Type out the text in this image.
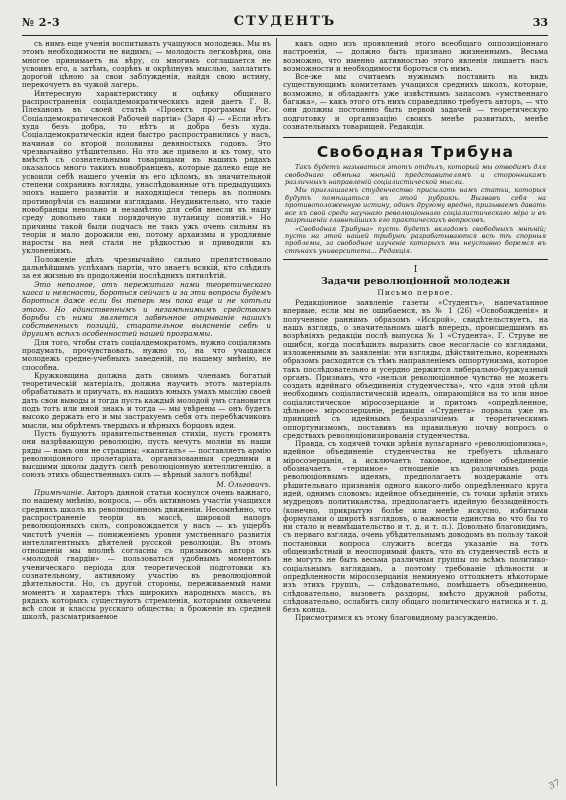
№ 2-3	СТУДЕНТЪ	33

съ нимъ еще ученія воспитывать учащуюся молодежь. Мы въ этомъ необходимости не видимъ; — молодость легковѣрна, она многое принимаетъ на вѣру, со многимъ соглашается не усвоивъ его, а затѣмъ, созрѣвъ и окрѣпнувъ мыслью, заплатитъ дорогой цѣною за свои заблужденія, найдя свою истину, перекочуетъ въ чужой лагерь.

Интересную характеристику и оцѣнку общинаго распространенія соціалдемократическихъ идей даетъ Г. В. Плехановъ въ своей статьѣ «Проектъ программы Рос. Соціалдемократической Рабочей партіи» (Заря 4) — «Если нѣтъ худа безъ добра, то нѣтъ и добра безъ худа. Соціалдемократическія идеи быстро распространились у насъ, начиная со второй половины девяностыхъ годовъ. Это чрезвычайно утѣшительно. Но это же привело и къ тому, что вмѣстѣ съ сознательными товарищами въ нашихъ рядахъ оказалось много такихъ новобранцевъ, которые далеко еще не усвоили себѣ нашего ученія въ его цѣломъ, въ значительной степени сохранивъ взгляды, унаслѣдованные отъ предыдущихъ эпохъ нашего развитія и находящіеся теперь въ полномъ противорѣчіи съ нашими взглядами. Неудивительно, что такіе новобранцы невольно и незамѣтно для себя внесли въ нашу среду довольно таки порядочную путаницу понятій.» Но причины такой были подчасъ не такъ ужъ очень сильны въ теоріи и мало дорожили ею, потому архаизмы и уродливые наросты на ней стали не рѣдкостью и приводили къ уклоненіямъ.

Положеніе дѣлъ чрезвычайно сильно препятствовало дальнѣйшимъ успѣхамъ партіи, что знаетъ всякій, кто слѣдилъ за ея жизнью въ продолженіи послѣднихъ пятилѣтій.

Это неполное, отъ пережитаго нами теоретическаго хаоса и неясности, бороться сейчасъ и за эти вопросы будемъ бороться даже если бы теперь мы пока еще и не хотѣли этого. Но единственнымъ и незамѣнимымъ средствомъ борьбы съ ними является забвѣнное отрываніе нашихъ собственныхъ позицій, старательное выясненіе себѣ и другимъ всѣхъ особенностей нашей программы.

Для того, чтобы стать соціалдемократомъ, нужно соціализмъ продумать, прочувствовать, нужно то, на что учащаяся молодежь средне-учебныхъ заведеній, по нашему мнѣнію, не способна.

Кружковщина должна дать своимъ членамъ богатый теоретическій матеріалъ, должна научить этотъ матеріалъ обрабатывать и приучать, въ нашихъ юныхъ умахъ мыслію своей дать свои выводы и тогда пусть каждый молодой умъ становится подъ тотъ или иной знакъ и тогда — мы увѣрены — онъ будетъ высоко держать его и мы застрахуемъ себя отъ перебѣжчиковъ мысли, мы обрѣтемъ твердыхъ и вѣрныхъ борцовъ идеи.

Пусть бушуютъ правительственныя стихіи, пусть громятъ они назрѣвающую революцію, пусть мечутъ молніи въ наши ряды — намъ они не страшны: «капиталъ» — поставляетъ армію революціонного пролетаріата, организованныя средними и высшими школы дадутъ силѣ революціонную интеллигенцію, а союзъ этихъ общественныхъ силъ — вѣрный залогъ побѣды!

М. Ольговичъ.

Примѣчаніе. Авторъ данной статьи коснулся очень важнаго, по нашему мнѣнію, вопроса, — объ активномъ участіи учащихся среднихъ школъ въ революціонномъ движеніи. Несомнѣнно, что распространеніе теоріи въ массѣ, широкой напоръ революціонныхъ силъ, сопровождается у насъ — къ ущербъ чистотѣ ученія — пониженіемъ уровня умственнаго развитія интеллигентныхъ дѣятелей русской революціи. Въ этомъ отношеніи мы вполнѣ согласны съ призывомъ автора къ «молодой гвардіи» — пользоваться удобнымъ моментомъ ученическаго періода для теоретической подготовки къ сознательному, активному участію въ революціонной дѣятельности. Но, съ другой стороны, переживаемый нами моментъ и характеръ тѣхъ широкихъ народныхъ массъ, въ рядахъ которыхъ существуютъ стремленія, которыми охвачены всѣ слои и классы русскаго общества; а броженіе въ средней школѣ, разсматриваемое

какъ одно изъ проявлений этого всеобщаго оппозиціоннаго настроенія, — должно быть признано жизненнымъ. Весьма возможно, что именно активностью этого явленія лишаетъ насъ возможности и необходимости бороться съ нимъ.

Все-же мы считаемъ нужнымъ поставить на видъ существующимъ комитетамъ учащихся среднихъ школъ, которые, возможно, и обладаютъ уже извѣстнымъ запасомъ «умственнаго багажа», — какъ этого отъ нихъ справедливо требуетъ авторъ, — что они должны постоянно быть первой задачей — теоретическую подготовку и организацію своихъ менѣе развитыхъ, менѣе сознательныхъ товарищей. Редакція.

Свободная Трибуна

Такъ будетъ называться этотъ отдѣлъ, который мы отводимъ для свободнаго обмѣна мнѣній представителямъ и сторонникамъ различныхъ направленій соціалистической мысли.

Мы приглашаемъ студенчество присылать намъ статьи, которыя будутъ помѣщаться въ этой рубрикѣ. Вызвавъ себя на противоположенную истину, одинъ другому вредно, призываемъ давать все къ свой среди научнаго революціоннаго соціалистическаго міра и въ разрѣшеніи главнѣйшихъ его практическихъ вопросовъ.

«Свободная Трибуна» пусть будетъ вкладомъ свободныхъ мнѣній; пусть на этой нашей трибунѣ разрабатываются всѣ тѣ спорныя проблемы, за свободное изученіе которыхъ мы неуставно боремся въ стѣнахъ университета... Редакція.

I

Задачи революціонной молодежи

Письмо первое.

Редакціонное заявленіе газеты «Студентъ», напечатанное впервые, если мы не ошибаемся, въ № 1 (26) «Освобожденія» и полученное раннимъ образомъ «Искрой», свидѣтельствуетъ, на нашъ взглядъ, о значительномъ шагѣ впередъ, происшедшимъ въ возрѣніяхъ редакціи послѣ выпуска № 1 «Студента». Г. Струве не ошибся, когда поспѣшилъ выразить свое несогласіе со взглядами, изложенными въ заявленіи: эти взгляды, дѣйствительно, коренныхъ образомъ расходятся съ тѣмъ направленіемъ оппортунизма, которое такъ послѣдовательно и усердно держится либерально-буржуазный органъ. Признавъ, что «нельзя революціонное чувство не можетъ создать идейнаго объединенія студенчества», что «для этой цѣли необходимъ соціалистическій идеалъ, опирающійся на то или иное соціалистическое міросозерцаніе и притомъ «опредѣленное, цѣльное» міросозерцаніе, редакція «Студента» порвала уже въ принципѣ съ идейнымъ безразличіемъ и теоретическимъ оппортунизмомъ, поставивъ на правильную почву вопросъ о средствахъ революціонизированія студенчества.

Правда, съ ходячей точки зрѣнія вульгарнаго «революціонизма», идейное объединеніе студенчества не требуетъ цѣльнаго міросозерцанія, а исключаетъ таковое, идейное объединеніе обозначаетъ «терпимое» отношеніе къ различнымъ рода революціоннымъ идеямъ, предполагаетъ воздержаніе отъ рѣшительнаго признанія одного какого-либо опредѣленнаго круга идей, однимъ словомъ: идейное объединеніе, съ точки зрѣнія этихъ мудрецовъ политиканства, предполагаетъ идейную беззыдейность (конечно, прикрытую болѣе или менѣе искусно, избитыми формулами о широтѣ взглядовъ, о важности единства во что бы то ни стало и невмѣшательство и т. д. и т. п.). Довольно благовидимъ, съ перваго взгляда, очень убѣдительнымъ доводомъ въ пользу такой постановки вопроса служитъ всегда указаніе на тотъ общеизвѣстный и неоспоримый фактъ, что въ студенчествѣ есть и не могутъ не быть весьма различныя группы по всѣмъ политико-соціальнымъ взглядамъ, а поэтому требованіе цѣльности и опредѣленности міросозерцанія неминуемо оттолкнетъ нѣкоторые изъ этихъ группъ, — слѣдовательно, помѣшаетъ объединенію, слѣдовательно, вызоветъ раздоры, вмѣсто дружной работы, слѣдовательно, ослабитъ силу общаго политическаго натиска и т. д. безъ конца.

Присмотримся къ этому благовидному разсужденію.

37
